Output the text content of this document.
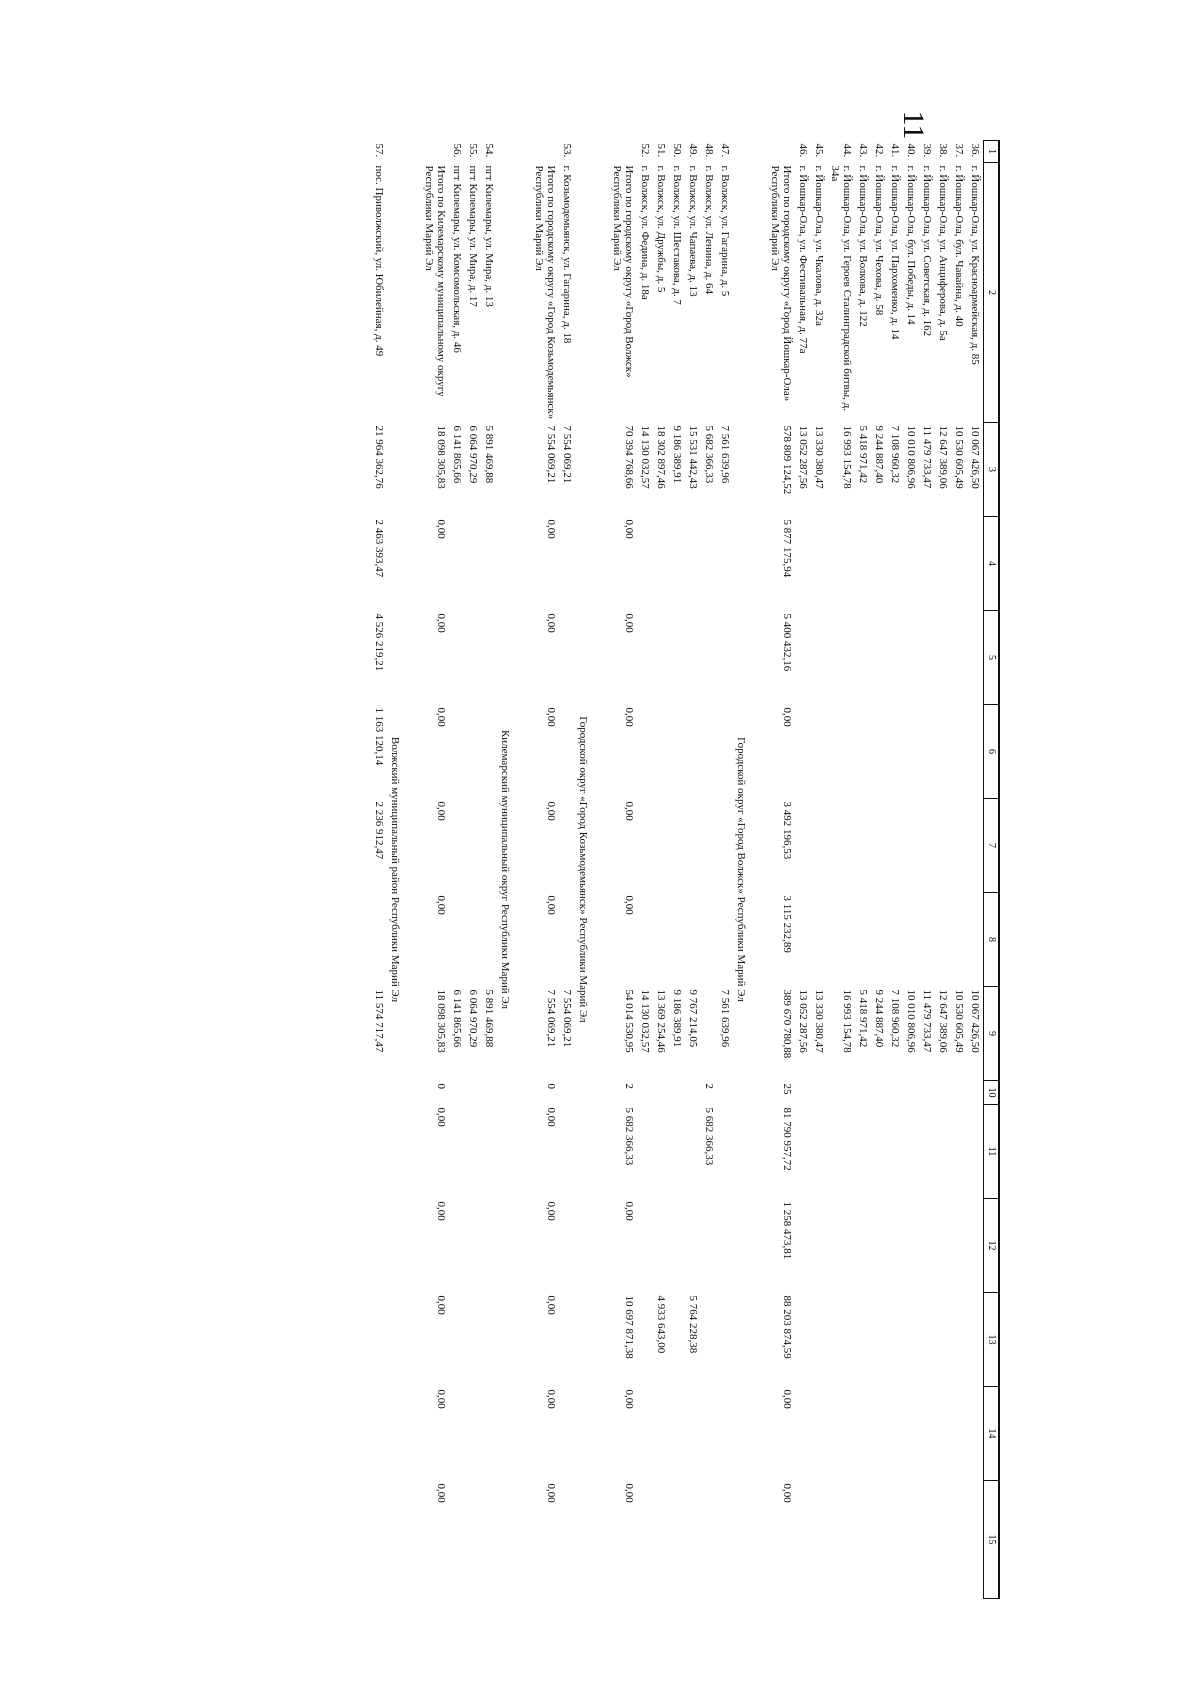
11
1	2	3	4	5	6	7	8	9	10	11	12	13	14	15
36.	г. Йошкар-Ола, ул. Красноармейская, д. 85	10 067 426,50						10 067 426,50						
37.	г. Йошкар-Ола, бул. Чавайна, д. 40	10 530 605,49						10 530 605,49						
38.	г. Йошкар-Ола, ул. Анциферова, д. 5а	12 647 389,06						12 647 389,06						
39.	г. Йошкар-Ола, ул. Советская, д. 162	11 479 733,47						11 479 733,47						
40.	г. Йошкар-Ола, бул. Победы, д. 14	10 010 806,96						10 010 806,96						
41.	г. Йошкар-Ола, ул. Пархоменко, д. 14	7 108 960,32						7 108 960,32						
42.	г. Йошкар-Ола, ул. Чехова, д. 58	9 244 887,40						9 244 887,40						
43.	г. Йошкар-Ола, ул. Волкова, д. 122	5 418 971,42						5 418 971,42						
44.	г. Йошкар-Ола, ул. Героев Сталинградской битвы, д. 34а	16 993 154,78						16 993 154,78						
45.	г. Йошкар-Ола, ул. Чкалова, д. 32а	13 330 380,47						13 330 380,47						
46.	г. Йошкар-Ола, ул. Фестивальная, д. 77а	13 052 287,56						13 052 287,56						
	Итого по городскому округу «Город Йошкар-Ола» Республики Марий Эл	578 809 124,52	5 877 175,94	5 400 432,16	0,00	3 492 196,53	3 115 232,89	389 670 780,88	25	81 790 957,72	1 258 473,81	88 203 874,59	0,00	0,00

Городской округ «Город Волжск» Республики Марий Эл														
47.	г. Волжск, ул. Гагарина, д. 5	7 561 639,96						7 561 639,96						
48.	г. Волжск, ул. Ленина, д. 64	5 682 366,33							2	5 682 366,33				
49.	г. Волжск, ул. Чапаева, д. 13	15 531 442,43						9 767 214,05				5 764 228,38		
50.	г. Волжск, ул. Шестакова, д. 7	9 186 389,91						9 186 389,91						
51.	г. Волжск, ул. Дружбы, д. 5	18 302 897,46						13 369 254,46				4 933 643,00		
52.	г. Волжск, ул. Федина, д. 18а	14 130 032,57						14 130 032,57						
	Итого по городскому округу «Город Волжск» Республики Марий Эл	70 394 768,66	0,00	0,00	0,00	0,00	0,00	54 014 530,95	2	5 682 366,33	0,00	10 697 871,38	0,00	0,00

Городской округ «Город Козьмодемьянск» Республики Марий Эл														
53.	г. Козьмодемьянск, ул. Гагарина, д. 18	7 554 069,21						7 554 069,21						
	Итого по городскому округу «Город Козьмодемьянск» Республики Марий Эл	7 554 069,21	0,00	0,00	0,00	0,00	0,00	7 554 069,21	0	0,00	0,00	0,00	0,00	0,00

Килемарский муниципальный округ Республики Марий Эл														
54.	пгт Килемары, ул. Мира, д. 13	5 891 469,88						5 891 469,88						
55.	пгт Килемары, ул. Мира, д. 17	6 064 970,29						6 064 970,29						
56.	пгт Килемары, ул. Комсомольская, д. 46	6 141 865,66						6 141 865,66						
	Итого по Килемарскому муниципальному округу Республики Марий Эл	18 098 305,83	0,00	0,00	0,00	0,00	0,00	18 098 305,83	0	0,00	0,00	0,00	0,00	0,00

Волжский муниципальный район Республики Марий Эл														
57.	пос. Приволжский, ул. Юбилейная, д. 49	21 964 362,76	2 463 393,47	4 526 219,21	1 163 120,14	2 236 912,47		11 574 717,47						
